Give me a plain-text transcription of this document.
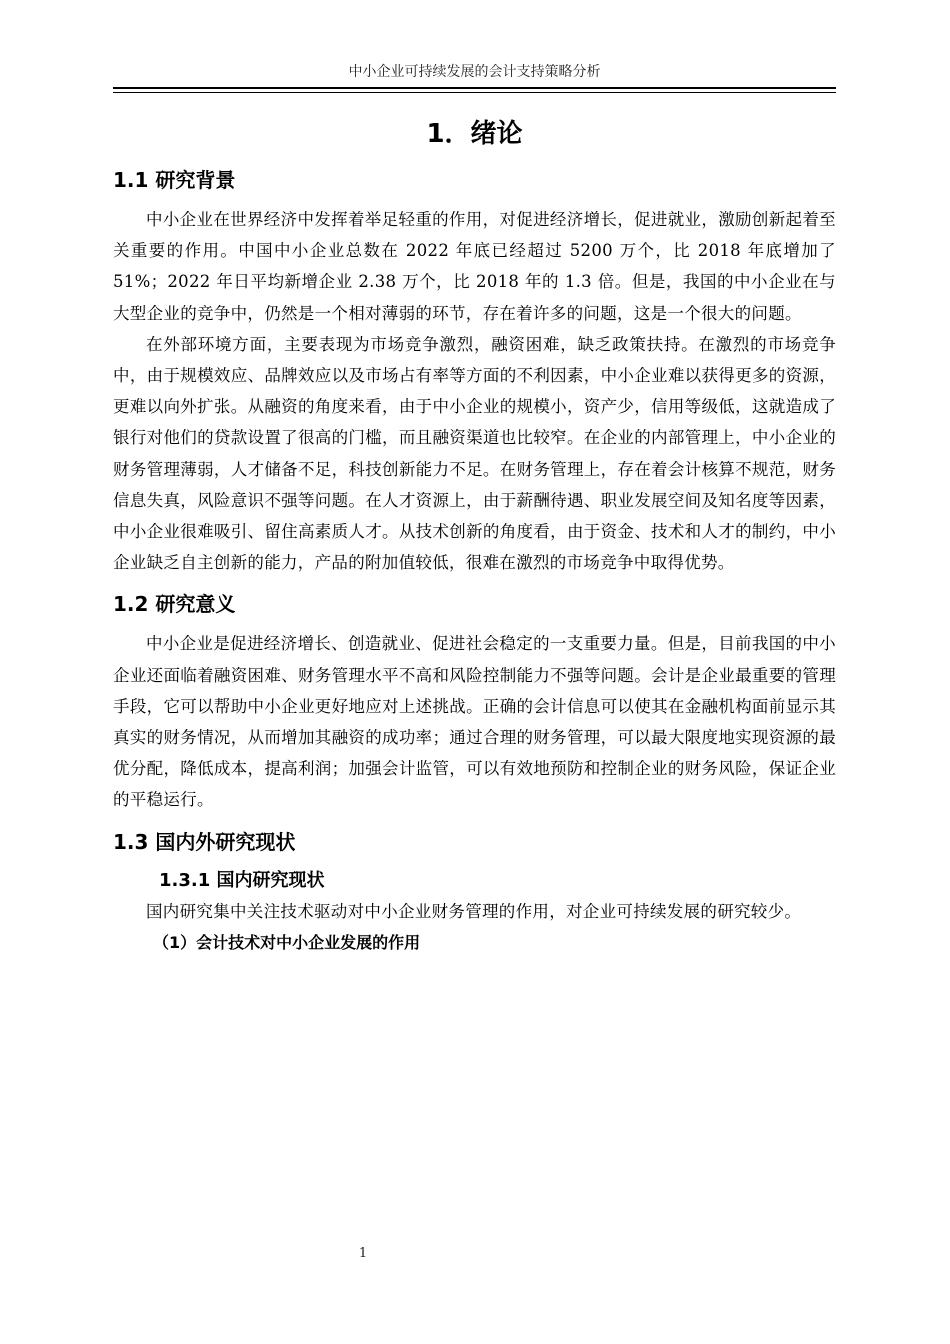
中小企业可持续发展的会计支持策略分析
1．绪论
1.1 研究背景

中小企业在世界经济中发挥着举足轻重的作用，对促进经济增长，促进就业，激励创新起着至关重要的作用。中国中小企业总数在 2022 年底已经超过 5200 万个，比 2018 年底增加了 51%；2022 年日平均新增企业 2.38 万个，比 2018 年的 1.3 倍。但是，我国的中小企业在与大型企业的竞争中，仍然是一个相对薄弱的环节，存在着许多的问题，这是一个很大的问题。

在外部环境方面，主要表现为市场竞争激烈，融资困难，缺乏政策扶持。在激烈的市场竞争中，由于规模效应、品牌效应以及市场占有率等方面的不利因素，中小企业难以获得更多的资源，更难以向外扩张。从融资的角度来看，由于中小企业的规模小，资产少，信用等级低，这就造成了银行对他们的贷款设置了很高的门槛，而且融资渠道也比较窄。在企业的内部管理上，中小企业的财务管理薄弱，人才储备不足，科技创新能力不足。在财务管理上，存在着会计核算不规范，财务信息失真，风险意识不强等问题。在人才资源上，由于薪酬待遇、职业发展空间及知名度等因素，中小企业很难吸引、留住高素质人才。从技术创新的角度看，由于资金、技术和人才的制约，中小企业缺乏自主创新的能力，产品的附加值较低，很难在激烈的市场竞争中取得优势。

1.2 研究意义

中小企业是促进经济增长、创造就业、促进社会稳定的一支重要力量。但是，目前我国的中小企业还面临着融资困难、财务管理水平不高和风险控制能力不强等问题。会计是企业最重要的管理手段，它可以帮助中小企业更好地应对上述挑战。正确的会计信息可以使其在金融机构面前显示其真实的财务情况，从而增加其融资的成功率；通过合理的财务管理，可以最大限度地实现资源的最优分配，降低成本，提高利润；加强会计监管，可以有效地预防和控制企业的财务风险，保证企业的平稳运行。

1.3 国内外研究现状
1.3.1 国内研究现状

国内研究集中关注技术驱动对中小企业财务管理的作用，对企业可持续发展的研究较少。

（1）会计技术对中小企业发展的作用
1
